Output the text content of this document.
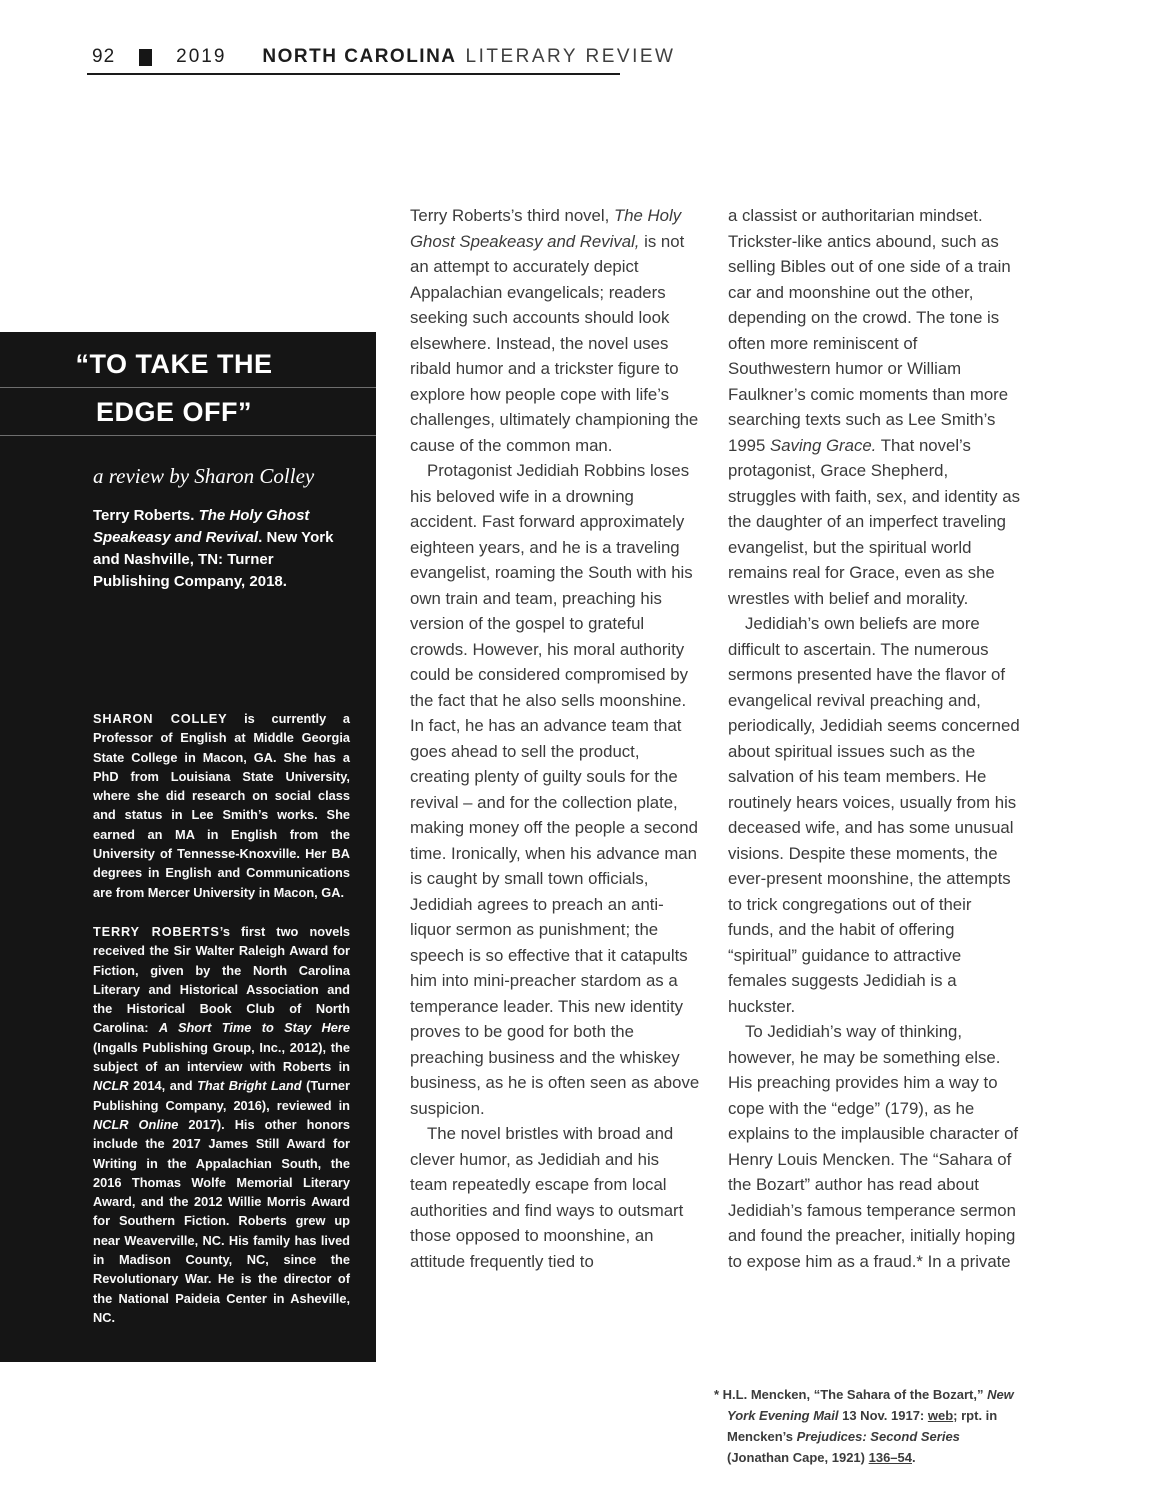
92	2019 NORTH CAROLINA LITERARY REVIEW
“TO TAKE THE
EDGE OFF”
a review by Sharon Colley

Terry Roberts. The Holy Ghost Speakeasy and Revival. New York and Nashville, TN: Turner Publishing Company, 2018.

SHARON COLLEY is currently a Professor of English at Middle Georgia State College in Macon, GA. She has a PhD from Louisiana State University, where she did research on social class and status in Lee Smith’s works. She earned an MA in English from the University of Tennesse-Knoxville. Her BA degrees in English and Communications are from Mercer University in Macon, GA.

TERRY ROBERTS’s first two novels received the Sir Walter Raleigh Award for Fiction, given by the North Carolina Literary and Historical Association and the Historical Book Club of North Carolina: A Short Time to Stay Here (Ingalls Publishing Group, Inc., 2012), the subject of an interview with Roberts in NCLR 2014, and That Bright Land (Turner Publishing Company, 2016), reviewed in NCLR Online 2017). His other honors include the 2017 James Still Award for Writing in the Appalachian South, the 2016 Thomas Wolfe Memorial Literary Award, and the 2012 Willie Morris Award for Southern Fiction. Roberts grew up near Weaverville, NC. His family has lived in Madison County, NC, since the Revolutionary War. He is the director of the National Paideia Center in Asheville, NC.

Terry Roberts’s third novel, The Holy Ghost Speakeasy and Revival, is not an attempt to accurately depict Appalachian evangelicals; readers seeking such accounts should look elsewhere. Instead, the novel uses ribald humor and a trickster figure to explore how people cope with life’s challenges, ultimately championing the cause of the common man.

Protagonist Jedidiah Robbins loses his beloved wife in a drowning accident. Fast forward approximately eighteen years, and he is a traveling evangelist, roaming the South with his own train and team, preaching his version of the gospel to grateful crowds. However, his moral authority could be considered compromised by the fact that he also sells moonshine. In fact, he has an advance team that goes ahead to sell the product, creating plenty of guilty souls for the revival – and for the collection plate, making money off the people a second time. Ironically, when his advance man is caught by small town officials, Jedidiah agrees to preach an anti-liquor sermon as punishment; the speech is so effective that it catapults him into mini-preacher stardom as a temperance leader. This new identity proves to be good for both the preaching business and the whiskey business, as he is often seen as above suspicion.

The novel bristles with broad and clever humor, as Jedidiah and his team repeatedly escape from local authorities and find ways to outsmart those opposed to moonshine, an attitude frequently tied to

a classist or authoritarian mindset. Trickster-like antics abound, such as selling Bibles out of one side of a train car and moonshine out the other, depending on the crowd. The tone is often more reminiscent of Southwestern humor or William Faulkner’s comic moments than more searching texts such as Lee Smith’s 1995 Saving Grace. That novel’s protagonist, Grace Shepherd, struggles with faith, sex, and identity as the daughter of an imperfect traveling evangelist, but the spiritual world remains real for Grace, even as she wrestles with belief and morality.

Jedidiah’s own beliefs are more difficult to ascertain. The numerous sermons presented have the flavor of evangelical revival preaching and, periodically, Jedidiah seems concerned about spiritual issues such as the salvation of his team members. He routinely hears voices, usually from his deceased wife, and has some unusual visions. Despite these moments, the ever-present moonshine, the attempts to trick congregations out of their funds, and the habit of offering “spiritual” guidance to attractive females suggests Jedidiah is a huckster.

To Jedidiah’s way of thinking, however, he may be something else. His preaching provides him a way to cope with the “edge” (179), as he explains to the implausible character of Henry Louis Mencken. The “Sahara of the Bozart” author has read about Jedidiah’s famous temperance sermon and found the preacher, initially hoping to expose him as a fraud.* In a private

* H.L. Mencken, “The Sahara of the Bozart,” New York Evening Mail 13 Nov. 1917: web; rpt. in Mencken’s Prejudices: Second Series (Jonathan Cape, 1921) 136–54.
